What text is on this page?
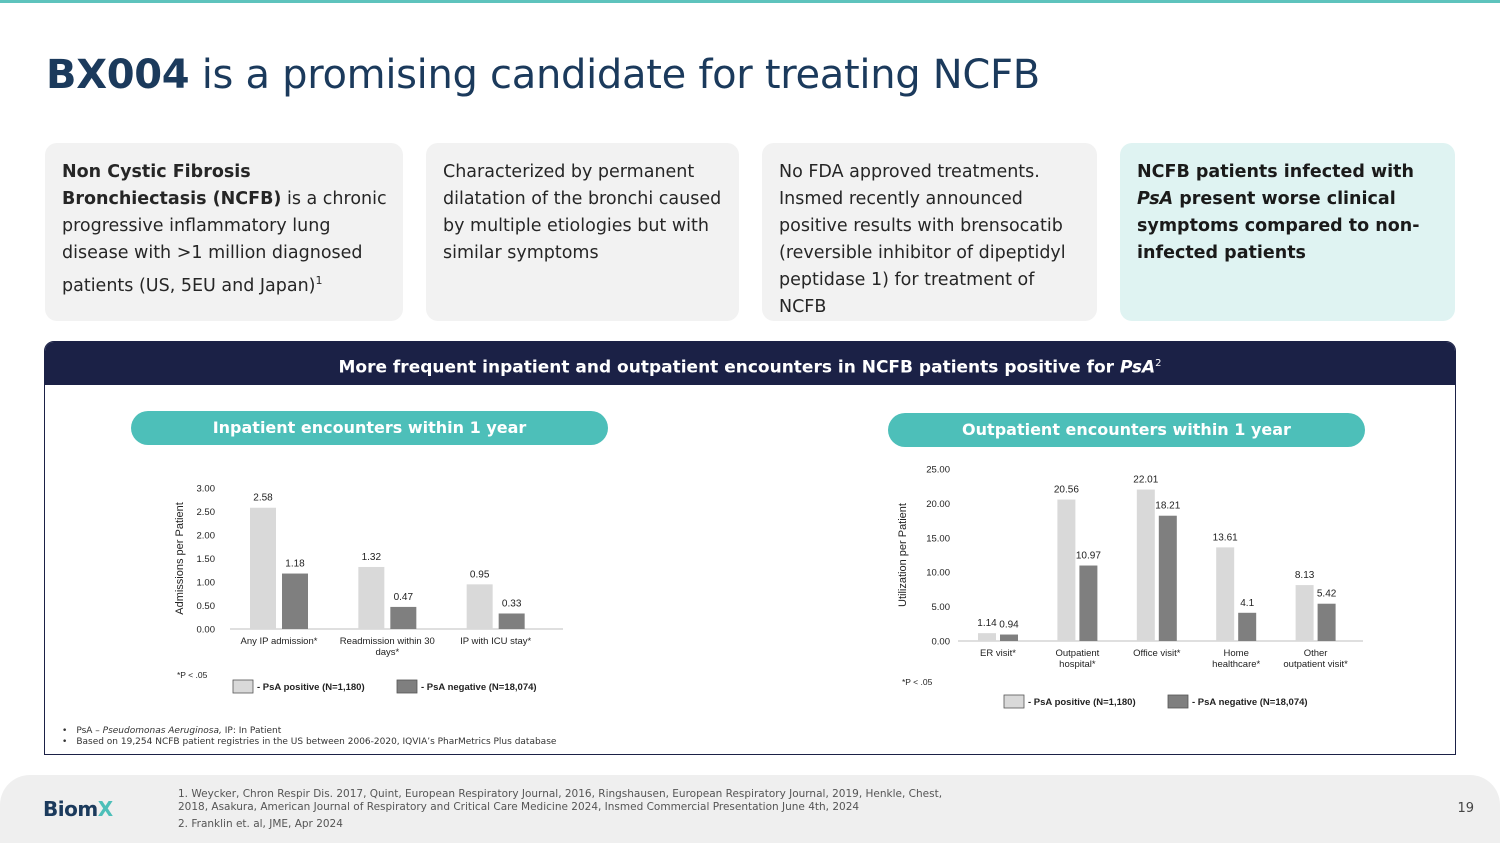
BX004 is a promising candidate for treating NCFB
Non Cystic Fibrosis Bronchiectasis (NCFB) is a chronic progressive inflammatory lung disease with >1 million diagnosed patients (US, 5EU and Japan)$^1$
Characterized by permanent dilatation of the bronchi caused by multiple etiologies but with similar symptoms
No FDA approved treatments. Insmed recently announced positive results with brensocatib (reversible inhibitor of dipeptidyl peptidase 1) for treatment of NCFB
NCFB patients infected with PsA present worse clinical symptoms compared to non-infected patients
More frequent inpatient and outpatient encounters in NCFB patients positive for PsA$^2$
Inpatient encounters within 1 year	Outpatient encounters within 1 year
Admissions per Patient
0.00
0.50
1.00
1.50
2.00
2.50
3.00
2.58
1.18
Any IP admission*
1.32
0.47
Readmission within 30
days*
0.95
0.33
IP with ICU stay*
*P < .05
- PsA positive (N=1,180)	- PsA negative (N=18,074)
Utilization per Patient
0.00
5.00
10.00
15.00
20.00
25.00
1.14 0.94
ER visit*
20.56
10.97
Outpatient
hospital*
22.01
18.21
Office visit*
13.61
4.1
Home
healthcare*
8.13
5.42
Other
outpatient visit*
*P < .05
- PsA positive (N=1,180)	- PsA negative (N=18,074)
• PsA – Pseudomonas Aeruginosa, IP: In Patient
• Based on 19,254 NCFB patient registries in the US between 2006-2020, IQVIA’s PharMetrics Plus database
BiomX
1. Weycker, Chron Respir Dis. 2017, Quint, European Respiratory Journal, 2016, Ringshausen, European Respiratory Journal, 2019, Henkle, Chest,
2018, Asakura, American Journal of Respiratory and Critical Care Medicine 2024, Insmed Commercial Presentation June 4th, 2024
2. Franklin et. al, JME, Apr 2024
19
